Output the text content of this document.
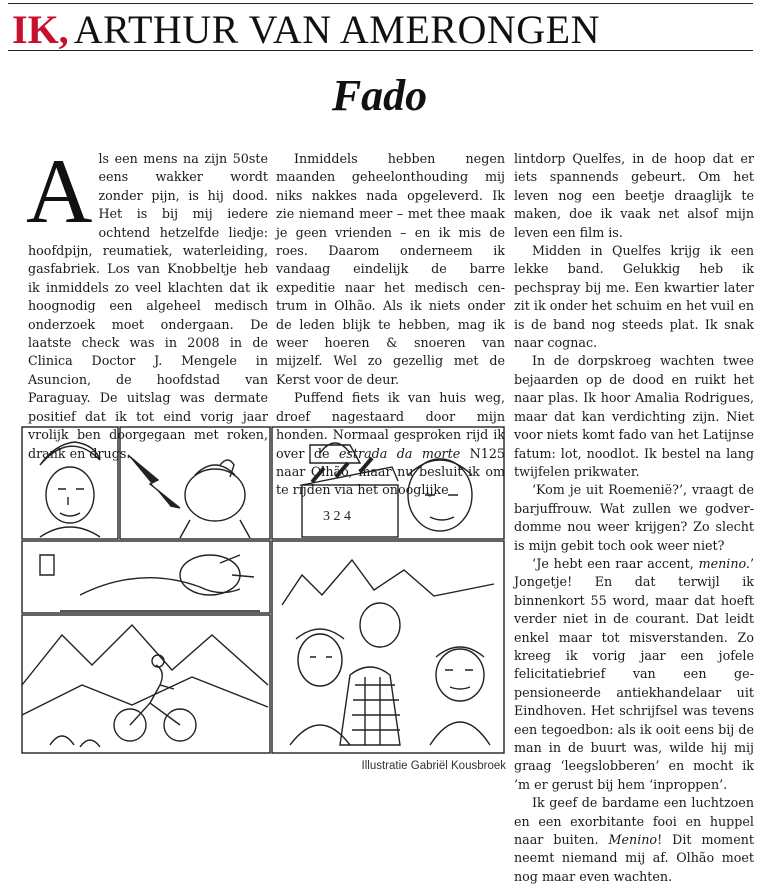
IK, ARTHUR VAN AMERONGEN
Fado

Als een mens na zijn 50ste eens wakker wordt zonder pijn, is hij dood. Het is bij mij iedere ochtend hetzelfde liedje: hoofdpijn, reumatiek, waterleiding, gasfabriek. Los van Knobbeltje heb ik inmiddels zo veel klachten dat ik hoognodig een algeheel medisch onderzoek moet ondergaan. De laatste check was in 2008 in de Clinica Doctor J. Mengele in Asuncion, de hoofdstad van Paraguay. De uitslag was dermate positief dat ik tot eind vorig jaar vrolijk ben doorgegaan met roken, drank en drugs.

Inmiddels hebben negen maanden geheelonthouding mij niks nakkes nada opgeleverd. Ik zie niemand meer – met thee maak je geen vrienden – en ik mis de roes. Daarom onderneem ik vandaag eindelijk de barre expeditie naar het medisch centrum in Olhão. Als ik niets onder de leden blijk te hebben, mag ik weer hoeren & snoeren van mijzelf. Wel zo gezellig met de Kerst voor de deur.

Puffend fiets ik van huis weg, droef nagestaard door mijn honden. Normaal gesproken rijd ik over de estrada da morte N125 naar Olhão, maar nu besluit ik om te rijden via het onooglijke

lintdorp Quelfes, in de hoop dat er iets spannends gebeurt. Om het leven nog een beetje draaglijk te maken, doe ik vaak net alsof mijn leven een film is.

Midden in Quelfes krijg ik een lekke band. Gelukkig heb ik pechspray bij me. Een kwartier later zit ik onder het schuim en het vuil en is de band nog steeds plat. Ik snak naar cognac.

In de dorpskroeg wachten twee bejaarden op de dood en ruikt het naar plas. Ik hoor Amalia Rodrigues, maar dat kan verdichting zijn. Niet voor niets komt fado van het Latijnse fatum: lot, noodlot. Ik bestel na lang twijfelen prikwater.

‘Kom je uit Roemenië?’, vraagt de barjuffrouw. Wat zullen we godverdomme nou weer krijgen? Zo slecht is mijn gebit toch ook weer niet?

‘Je hebt een raar accent, menino.’ Jongetje! En dat terwijl ik binnenkort 55 word, maar dat hoeft verder niet in de courant. Dat leidt enkel maar tot misverstanden. Zo kreeg ik vorig jaar een jofele felicitatiebrief van een gepensioneerde antiekhandelaar uit Eindhoven. Het schrijfsel was tevens een tegoedbon: als ik ooit eens bij de man in de buurt was, wilde hij mij graag ‘leegslobberen’ en mocht ik ’m er gerust bij hem ‘inproppen’.

Ik geef de bardame een luchtzoen en een exorbitante fooi en huppel naar buiten. Menino! Dit moment neemt niemand mij af. Olhão moet nog maar even wachten.

3 2 4
Illustratie Gabriël Kousbroek
